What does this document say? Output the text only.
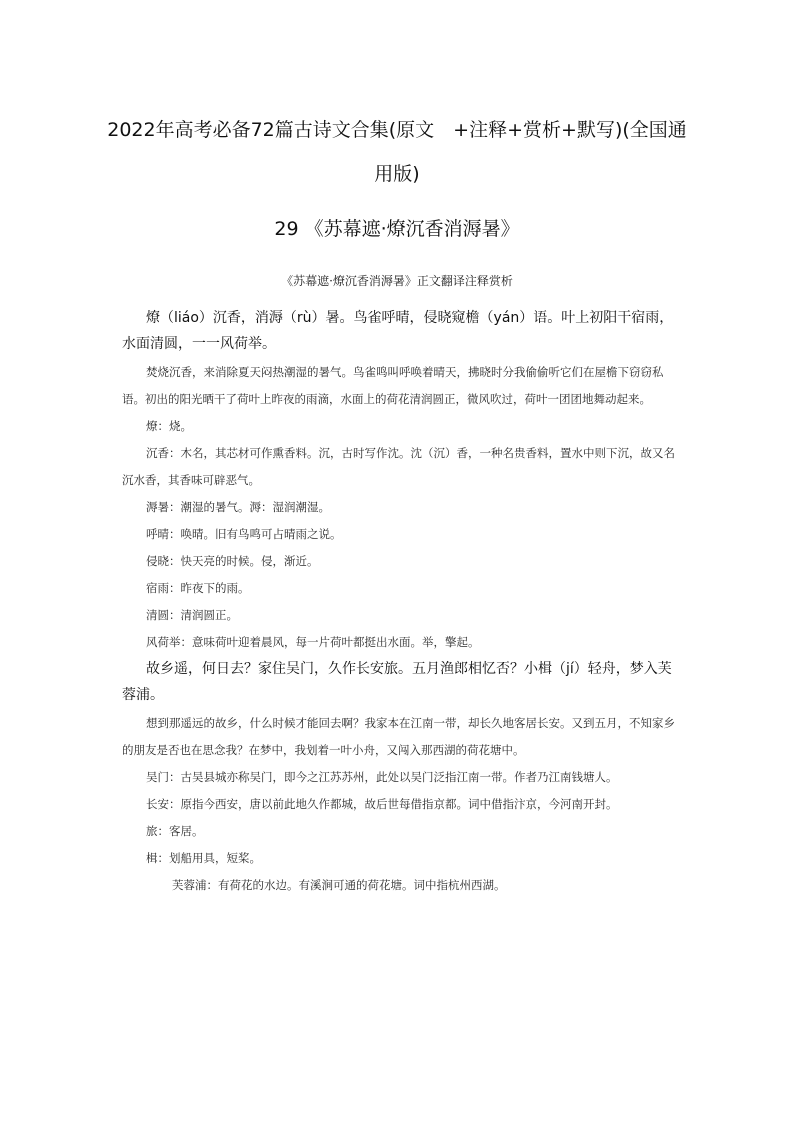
2022年高考必备72篇古诗文合集(原文　+注释+赏析+默写)(全国通用版)
29 《苏幕遮·燎沉香消溽暑》

《苏幕遮·燎沉香消溽暑》正文翻译注释赏析

燎（liáo）沉香，消溽（rù）暑。鸟雀呼晴，侵晓窥檐（yán）语。叶上初阳干宿雨，水面清圆，一一风荷举。

焚烧沉香，来消除夏天闷热潮湿的暑气。鸟雀鸣叫呼唤着晴天，拂晓时分我偷偷听它们在屋檐下窃窃私语。初出的阳光晒干了荷叶上昨夜的雨滴，水面上的荷花清润圆正，微风吹过，荷叶一团团地舞动起来。

燎：烧。

沉香：木名，其芯材可作熏香料。沉，古时写作沈。沈（沉）香，一种名贵香料，置水中则下沉，故又名沉水香，其香味可辟恶气。

溽暑：潮湿的暑气。溽：湿润潮湿。

呼晴：唤晴。旧有鸟鸣可占晴雨之说。

侵晓：快天亮的时候。侵，渐近。

宿雨：昨夜下的雨。

清圆：清润圆正。

风荷举：意味荷叶迎着晨风，每一片荷叶都挺出水面。举，擎起。

故乡遥，何日去？家住吴门，久作长安旅。五月渔郎相忆否？小楫（jí）轻舟，梦入芙蓉浦。

想到那遥远的故乡，什么时候才能回去啊？我家本在江南一带，却长久地客居长安。又到五月，不知家乡的朋友是否也在思念我？在梦中，我划着一叶小舟，又闯入那西湖的荷花塘中。

吴门：古吴县城亦称吴门，即今之江苏苏州，此处以吴门泛指江南一带。作者乃江南钱塘人。

长安：原指今西安，唐以前此地久作都城，故后世每借指京都。词中借指汴京，今河南开封。

旅：客居。

楫：划船用具，短桨。

芙蓉浦：有荷花的水边。有溪涧可通的荷花塘。词中指杭州西湖。
